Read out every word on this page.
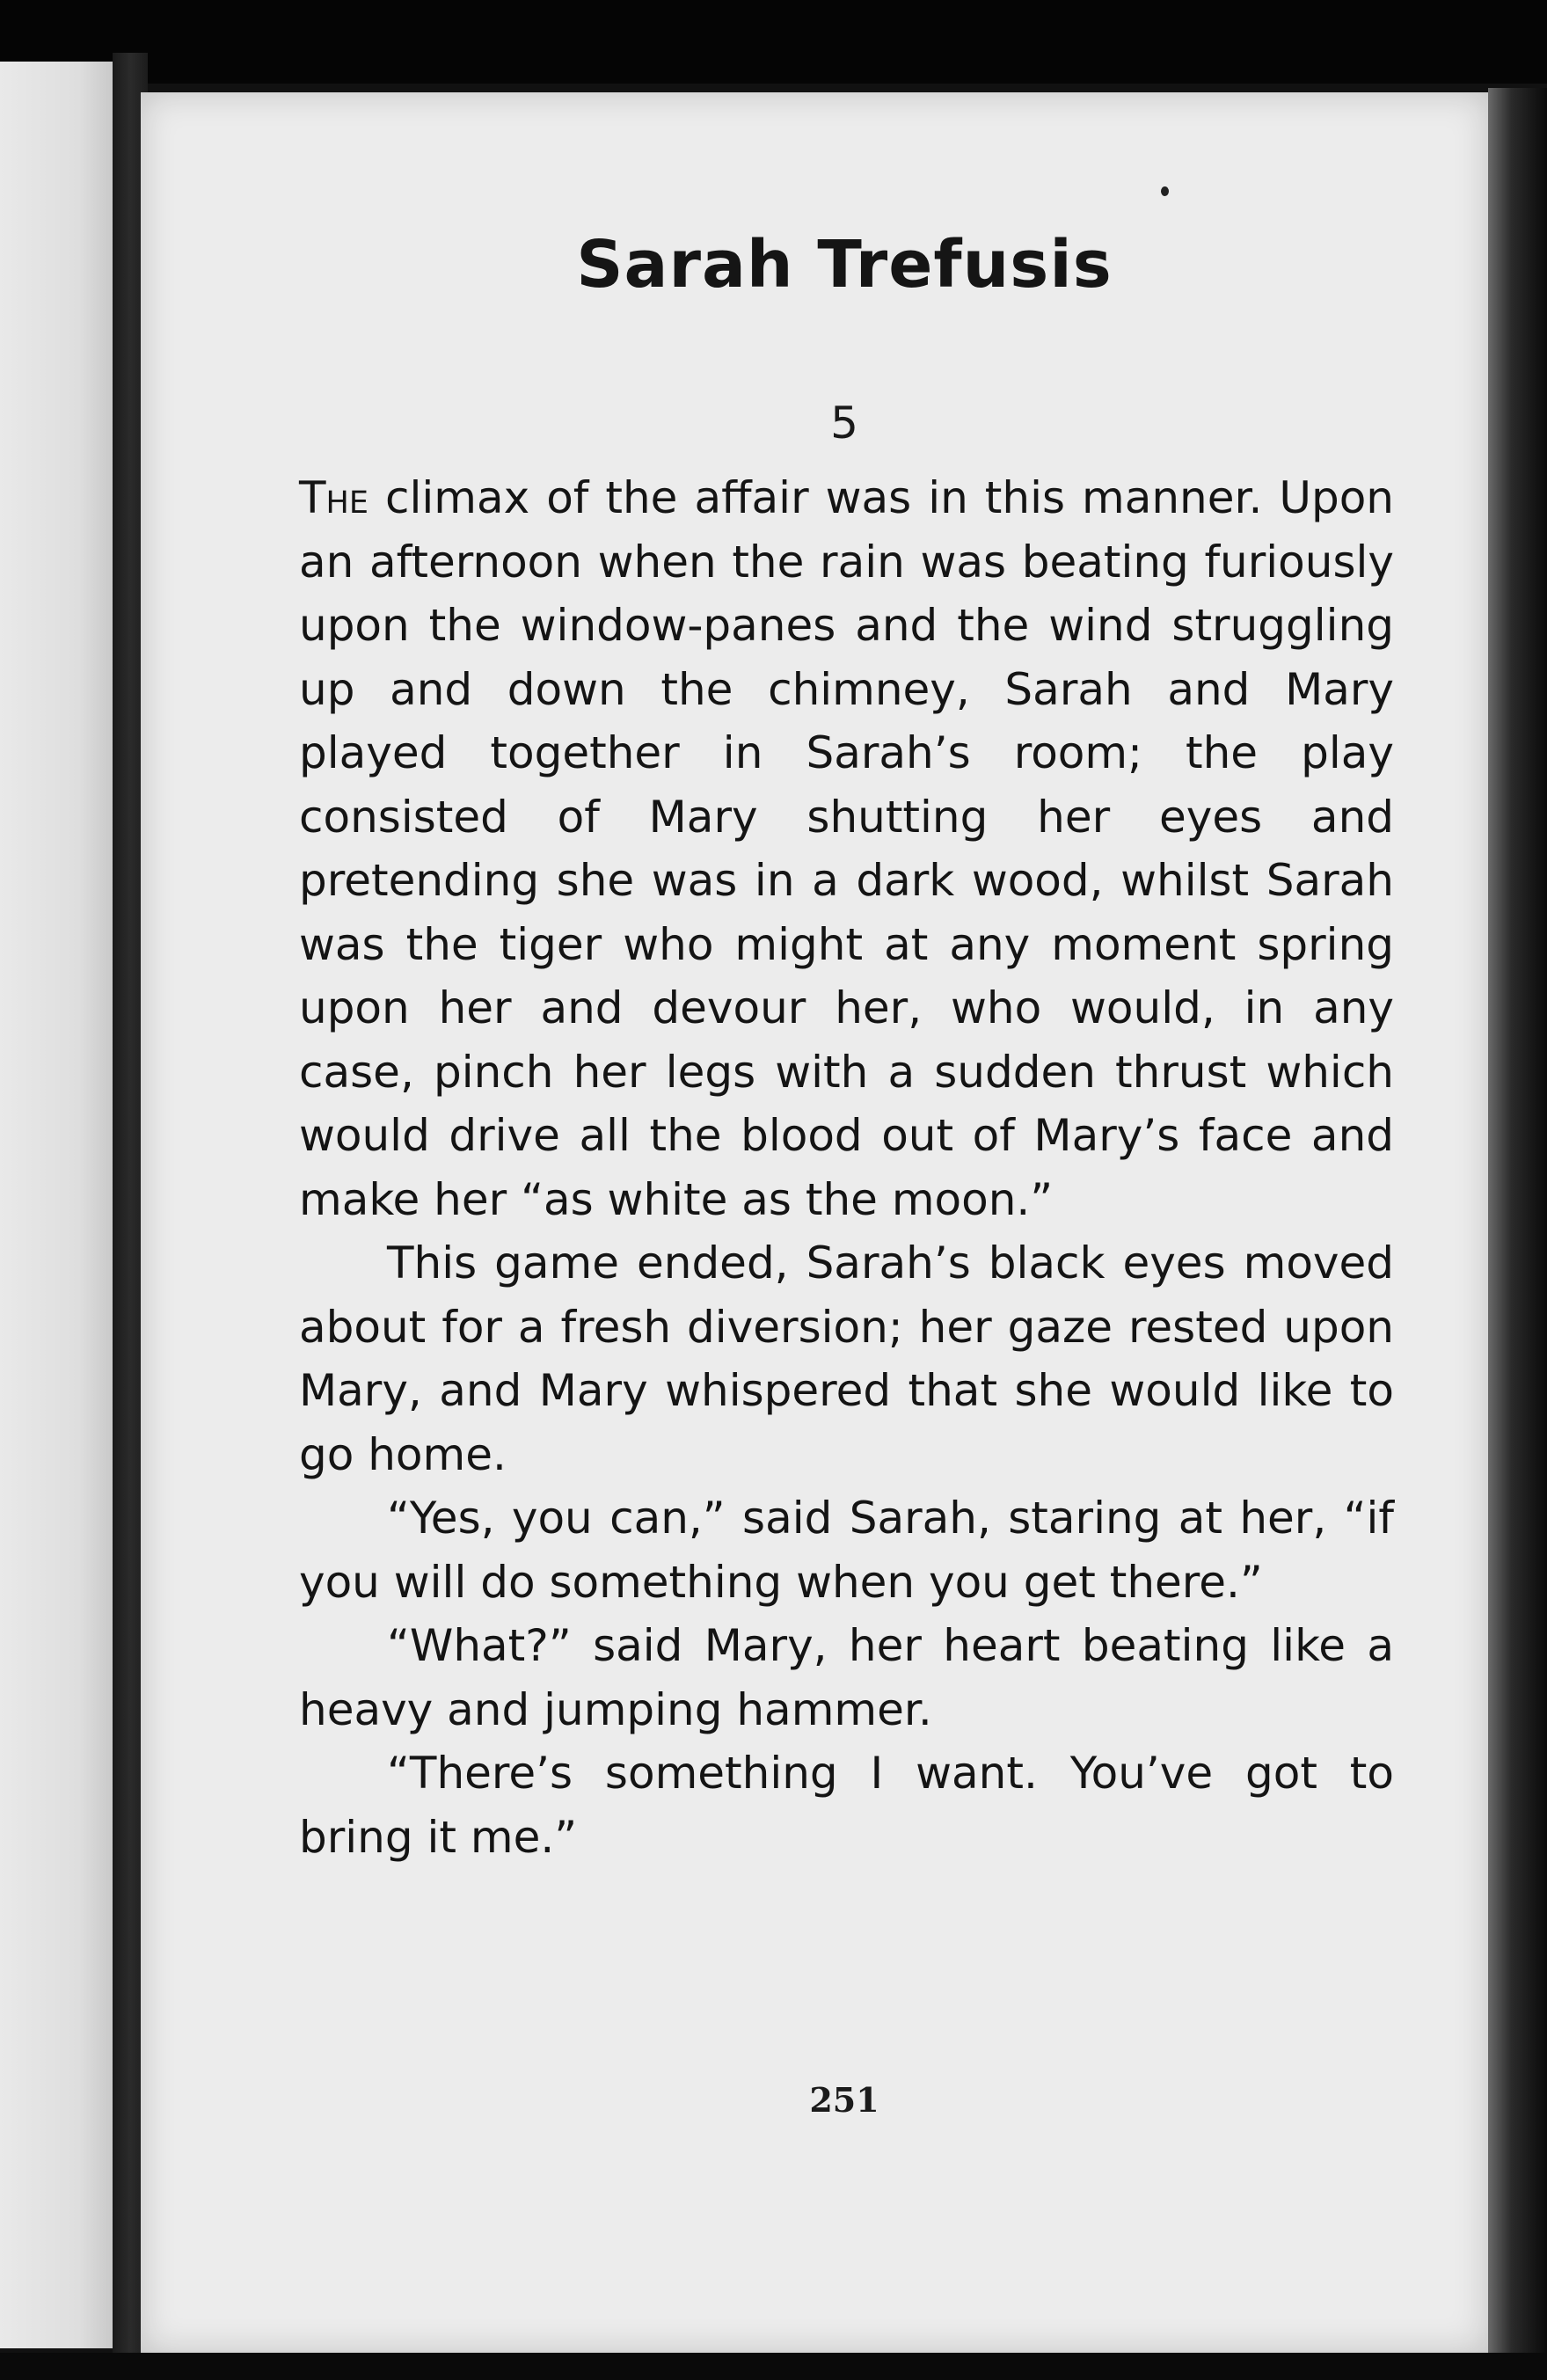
Sarah Trefusis
5

The climax of the affair was in this manner. Upon an afternoon when the rain was beating furiously upon the window-panes and the wind struggling up and down the chimney, Sarah and Mary played together in Sarah’s room; the play consisted of Mary shutting her eyes and pretending she was in a dark wood, whilst Sarah was the tiger who might at any moment spring upon her and devour her, who would, in any case, pinch her legs with a sudden thrust which would drive all the blood out of Mary’s face and make her “as white as the moon.”

This game ended, Sarah’s black eyes moved about for a fresh diversion; her gaze rested upon Mary, and Mary whispered that she would like to go home.

“Yes, you can,” said Sarah, staring at her, “if you will do something when you get there.”

“What?” said Mary, her heart beating like a heavy and jumping hammer.

“There’s something I want. You’ve got to bring it me.”

251
